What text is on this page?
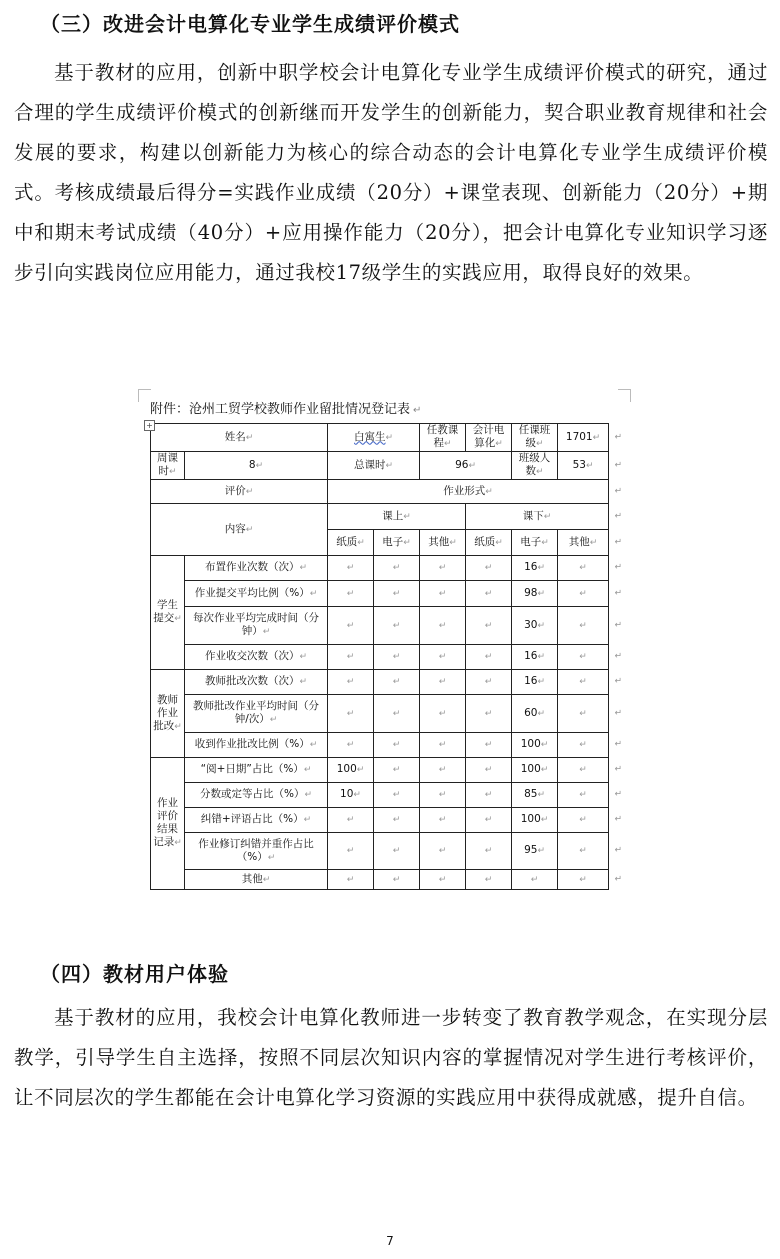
（三）改进会计电算化专业学生成绩评价模式
基于教材的应用，创新中职学校会计电算化专业学生成绩评价模式的研究，通过合理的学生成绩评价模式的创新继而开发学生的创新能力，契合职业教育规律和社会发展的要求，构建以创新能力为核心的综合动态的会计电算化专业学生成绩评价模式。考核成绩最后得分=实践作业成绩（20分）+课堂表现、创新能力（20分）+期中和期末考试成绩（40分）+应用操作能力（20分），把会计电算化专业知识学习逐步引向实践岗位应用能力，通过我校17级学生的实践应用，取得良好的效果。
附件：沧州工贸学校教师作业留批情况登记表 ↵
+
姓名↵		白寓生↵		任教课程↵	会计电算化↵	任课班级↵	1701↵ ↵

周课时↵	8↵	总课时↵		96↵		班级人数↵	53↵ ↵

评价↵		作业形式↵ ↵					

内容↵		课上↵			课下↵ ↵		

		纸质↵	电子↵	其他↵	纸质↵	电子↵	其他↵ ↵

学生提交↵	布置作业次数（次）↵	↵	↵	↵	↵	16↵	↵ ↵

	作业提交平均比例（%）↵	↵	↵	↵	↵	98↵	↵ ↵

	每次作业平均完成时间（分钟）↵	↵	↵	↵	↵	30↵	↵ ↵

	作业收交次数（次）↵	↵	↵	↵	↵	16↵	↵ ↵

教师作业批改↵	教师批改次数（次）↵	↵	↵	↵	↵	16↵	↵ ↵

	教师批改作业平均时间（分钟/次）↵	↵	↵	↵	↵	60↵	↵ ↵

	收到作业批改比例（%）↵	↵	↵	↵	↵	100↵	↵ ↵

作业评价结果记录↵	“阅+日期”占比（%）↵	100↵	↵	↵	↵	100↵	↵ ↵

	分数或定等占比（%）↵	10↵	↵	↵	↵	85↵	↵ ↵

	纠错+评语占比（%）↵	↵	↵	↵	↵	100↵	↵ ↵

	作业修订纠错并重作占比（%）↵	↵	↵	↵	↵	95↵	↵ ↵

	其他↵	↵	↵	↵	↵	↵	↵ ↵
（四）教材用户体验
基于教材的应用，我校会计电算化教师进一步转变了教育教学观念，在实现分层教学，引导学生自主选择，按照不同层次知识内容的掌握情况对学生进行考核评价，让不同层次的学生都能在会计电算化学习资源的实践应用中获得成就感，提升自信。
7
